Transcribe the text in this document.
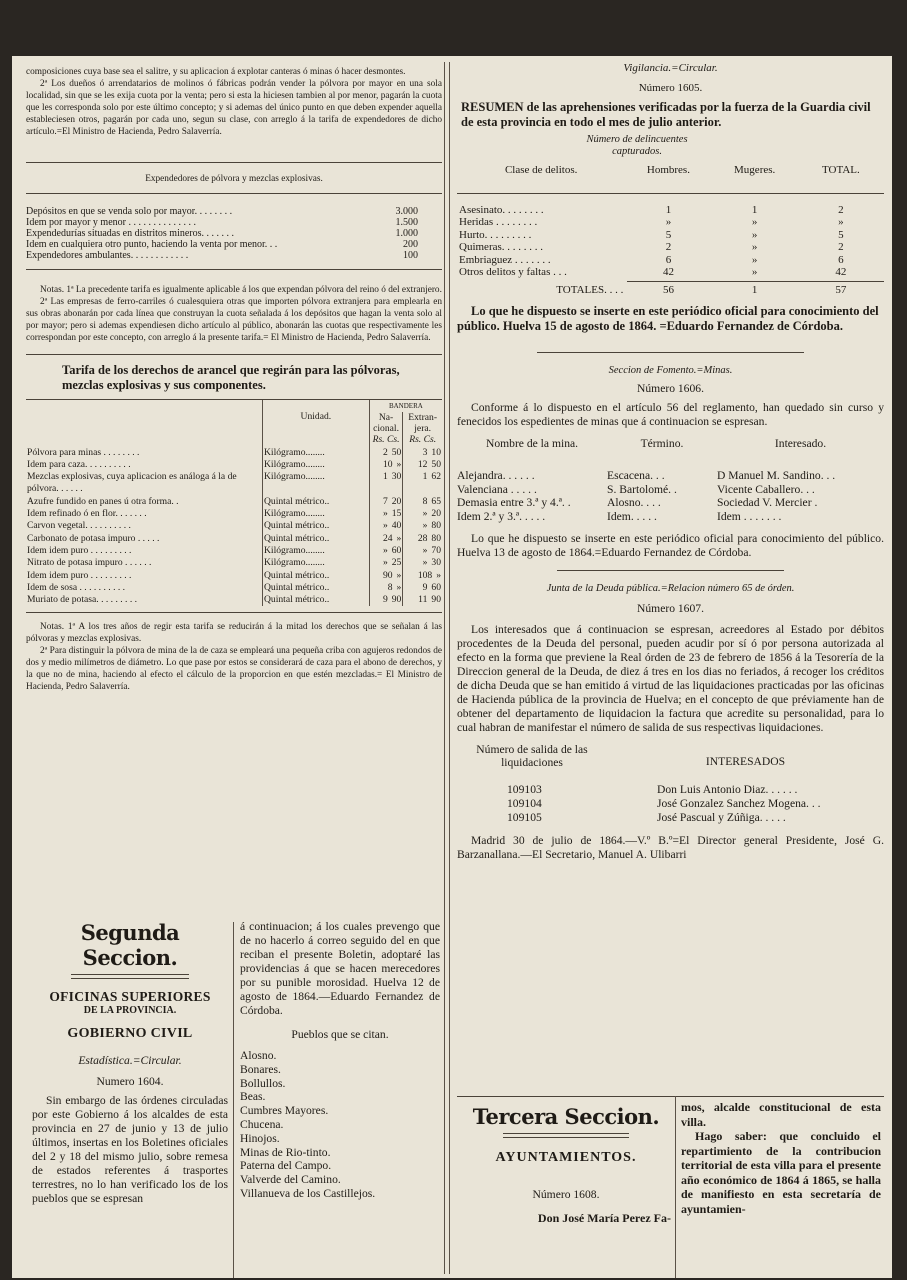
composiciones cuya base sea el salitre, y su aplicacion á explotar canteras ó minas ó hacer desmontes.

2ª Los dueños ó arrendatarios de molinos ó fábricas podrán vender la pólvora por mayor en una sola localidad, sin que se les exija cuota por la venta; pero si esta la hiciesen tambien al por menor, pagarán la cuota que les corresponda solo por este último concepto; y si ademas del único punto en que deben expender aquella estableciesen otros, pagarán por cada uno, segun su clase, con arreglo á la tarifa de expendedores de dicho artículo.=El Ministro de Hacienda, Pedro Salaverría.

Expendedores de pólvora y mezclas explosivas.

Depósitos en que se venda solo por mayor. . . . . . . .	3.000	
Idem por mayor y menor . . . . . . . . . . . . . .	1.500	
Expendedurías situadas en distritos mineros. . . . . . .	1.000	
Idem en cualquiera otro punto, haciendo la venta por menor. . .	200	
Expendedores ambulantes. . . . . . . . . . . .	100	

Notas. 1ª La precedente tarifa es igualmente aplicable á los que expendan pólvora del reino ó del extranjero.

2ª Las empresas de ferro-carriles ó cualesquiera otras que importen pólvora extranjera para emplearla en sus obras abonarán por cada línea que construyan la cuota señalada á los depósitos que hagan la venta solo al por mayor; pero si ademas expendiesen dicho artículo al público, abonarán las cuotas que respectivamente les correspondan por este concepto, con arreglo á la presente tarifa.= El Ministro de Hacienda, Pedro Salaverría.

Tarifa de los derechos de arancel que regirán para las pólvoras, mezclas explosivas y sus componentes.

	Unidad.	BANDERA	
		Na-cional.	Extran-jera.
		Rs. Cs.	Rs. Cs.
Pólvora para minas . . . . . . . .	Kilógramo........	2 50	3 10
Idem para caza. . . . . . . . . .	Kilógramo........	10 »	12 50
Mezclas explosivas, cuya aplicacion es análoga á la de pólvora. . . . . .	Kilógramo........	1 30	1 62
Azufre fundido en panes ú otra forma. .	Quintal métrico..	7 20	8 65
Idem refinado ó en flor. . . . . . .	Kilógramo........	» 15	» 20
Carvon vegetal. . . . . . . . . .	Quintal métrico..	» 40	» 80
Carbonato de potasa impuro . . . . .	Quintal métrico..	24 »	28 80
Idem idem puro . . . . . . . . .	Kilógramo........	» 60	» 70
Nitrato de potasa impuro . . . . . .	Kilógramo........	» 25	» 30
Idem idem puro . . . . . . . . .	Quintal métrico..	90 »	108 »
Idem de sosa . . . . . . . . . .	Quintal métrico..	8 »	9 60
Muriato de potasa. . . . . . . . .	Quintal métrico..	9 90	11 90

Notas. 1ª A los tres años de regir esta tarifa se reducirán á la mitad los derechos que se señalan á las pólvoras y mezclas explosivas.

2ª Para distinguir la pólvora de mina de la de caza se empleará una pequeña criba con agujeros redondos de dos y medio milímetros de diámetro. Lo que pase por estos se considerará de caza para el abono de derechos, y la que no de mina, haciendo al efecto el cálculo de la proporcion en que estén mezcladas.= El Ministro de Hacienda, Pedro Salaverría.

Segunda Seccion.
OFICINAS SUPERIORES
DE LA PROVINCIA.
GOBIERNO CIVIL
Estadística.=Circular.
Numero 1604.

Sin embargo de las órdenes circuladas por este Gobierno á los alcaldes de esta provincia en 27 de junio y 13 de julio últimos, insertas en los Boletines oficiales del 2 y 18 del mismo julio, sobre remesa de estados referentes á trasportes terrestres, no lo han verificado los de los pueblos que se espresan

á continuacion; á los cuales prevengo que de no hacerlo á correo seguido del en que reciban el presente Boletin, adoptaré las providencias á que se hacen merecedores por su punible morosidad. Huelva 12 de agosto de 1864.—Eduardo Fernandez de Córdoba.

Pueblos que se citan.
Alosno.
Bonares.
Bollullos.
Beas.
Cumbres Mayores.
Chucena.
Hinojos.
Minas de Rio-tinto.
Paterna del Campo.
Valverde del Camino.
Villanueva de los Castillejos.
Vigilancia.=Circular.
Número 1605.

RESUMEN de las aprehensiones verificadas por la fuerza de la Guardia civil de esta provincia en todo el mes de julio anterior.

Número de delincuentes capturados.
Clase de delitos.	Hombres.	Mugeres.	TOTAL.
Asesinato. . . . . . . .	1	1	2
Heridas . . . . . . . .	»	»	»
Hurto. . . . . . . . .	5	»	5
Quimeras. . . . . . . .	2	»	2
Embriaguez . . . . . . .	6	»	6
Otros delitos y faltas . . .	42	»	42
TOTALES. . . .	56	1	57

Lo que he dispuesto se inserte en este periódico oficial para conocimiento del público. Huelva 15 de agosto de 1864. =Eduardo Fernandez de Córdoba.

Seccion de Fomento.=Minas.
Número 1606.

Conforme á lo dispuesto en el artículo 56 del reglamento, han quedado sin curso y fenecidos los espedientes de minas que á continuacion se espresan.

Nombre de la mina.	Término.	Interesado.
Alejandra. . . . . .	Escacena. . .	D Manuel M. Sandino. . .
Valenciana . . . . .	S. Bartolomé. .	Vicente Caballero. . .
Demasia entre 3.ª y 4.ª. .	Alosno. . . .	Sociedad V. Mercier .
Idem 2.ª y 3.ª. . . . .	Idem. . . . .	Idem . . . . . . .

Lo que he dispuesto se inserte en este periódico oficial para conocimiento del público. Huelva 13 de agosto de 1864.=Eduardo Fernandez de Córdoba.

Junta de la Deuda pública.=Relacion número 65 de órden.
Número 1607.

Los interesados que á continuacion se espresan, acreedores al Estado por débitos procedentes de la Deuda del personal, pueden acudir por sí ó por persona autorizada al efecto en la forma que previene la Real órden de 23 de febrero de 1856 á la Tesorería de la Direccion general de la Deuda, de diez á tres en los dias no feriados, á recoger los créditos de dicha Deuda que se han emitido á virtud de las liquidaciones practicadas por las oficinas de Hacienda pública de la provincia de Huelva; en el concepto de que préviamente han de obtener del departamento de liquidacion la factura que acredite su personalidad, para lo cual habran de manifestar el número de salida de sus respectivas liquidaciones.

Número de salida de las liquidaciones	INTERESADOS
109103	Don Luis Antonio Diaz. . . . . .
109104	José Gonzalez Sanchez Mogena. . .
109105	José Pascual y Zúñiga. . . . .

Madrid 30 de julio de 1864.—V.º B.º=El Director general Presidente, José G. Barzanallana.—El Secretario, Manuel A. Ulibarri

Tercera Seccion.
AYUNTAMIENTOS.
Número 1608.
Don José María Perez Fa-

mos, alcalde constitucional de esta villa.

Hago saber: que concluido el repartimiento de la contribucion territorial de esta villa para el presente año económico de 1864 á 1865, se halla de manifiesto en esta secretaría de ayuntamien-
